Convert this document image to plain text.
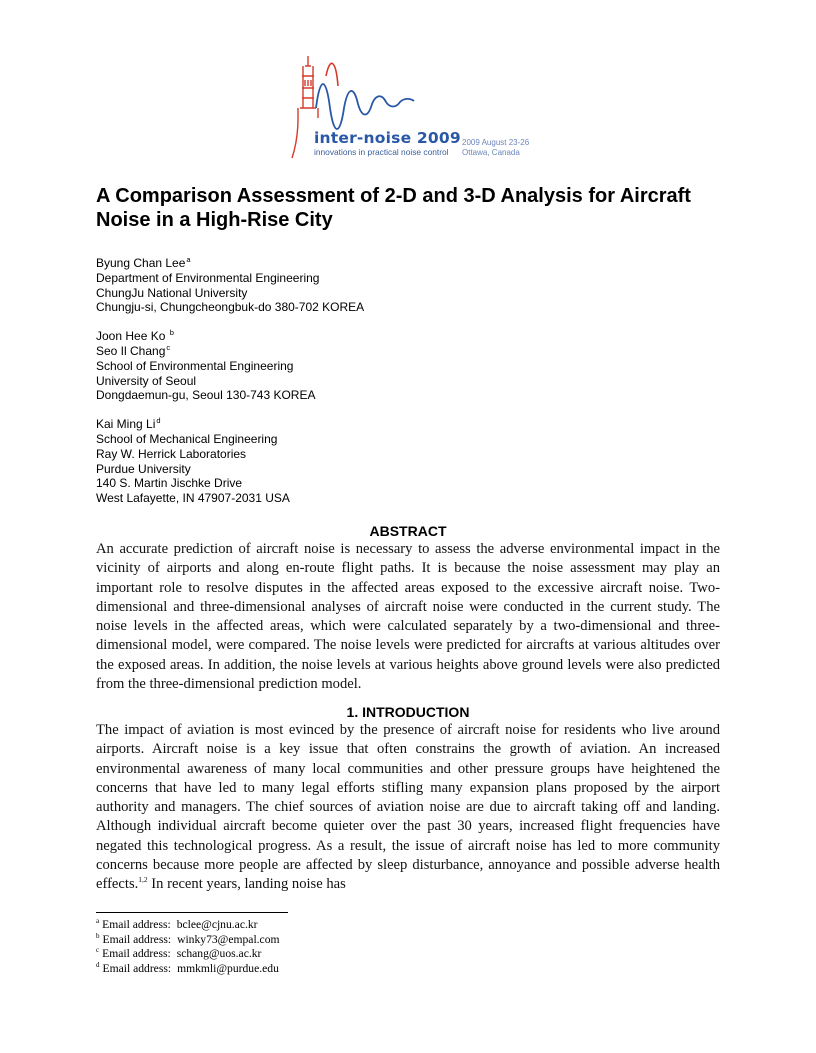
inter-noise 2009
innovations in practical noise control
2009 August 23-26
Ottawa, Canada
A Comparison Assessment of 2-D and 3-D Analysis for Aircraft Noise in a High-Rise City
Byung Chan Lee$^a$
Department of Environmental Engineering
ChungJu National University
Chungju-si, Chungcheongbuk-do 380-702 KOREA
Joon Hee Ko $^b$
Seo Il Chang$^c$
School of Environmental Engineering
University of Seoul
Dongdaemun-gu, Seoul 130-743 KOREA
Kai Ming Li$^d$
School of Mechanical Engineering
Ray W. Herrick Laboratories
Purdue University
140 S. Martin Jischke Drive
West Lafayette, IN 47907-2031 USA
ABSTRACT

An accurate prediction of aircraft noise is necessary to assess the adverse environmental impact in the vicinity of airports and along en-route flight paths. It is because the noise assessment may play an important role to resolve disputes in the affected areas exposed to the excessive aircraft noise. Two-dimensional and three-dimensional analyses of aircraft noise were conducted in the current study. The noise levels in the affected areas, which were calculated separately by a two-dimensional and three-dimensional model, were compared. The noise levels were predicted for aircrafts at various altitudes over the exposed areas. In addition, the noise levels at various heights above ground levels were also predicted from the three-dimensional prediction model.

1. INTRODUCTION

The impact of aviation is most evinced by the presence of aircraft noise for residents who live around airports. Aircraft noise is a key issue that often constrains the growth of aviation. An increased environmental awareness of many local communities and other pressure groups have heightened the concerns that have led to many legal efforts stifling many expansion plans proposed by the airport authority and managers. The chief sources of aviation noise are due to aircraft taking off and landing. Although individual aircraft become quieter over the past 30 years, increased flight frequencies have negated this technological progress. As a result, the issue of aircraft noise has led to more community concerns because more people are affected by sleep disturbance, annoyance and possible adverse health effects.$^{1,2}$ In recent years, landing noise has

$^a$ Email address: bclee@cjnu.ac.kr
$^b$ Email address: winky73@empal.com
$^c$ Email address: schang@uos.ac.kr
$^d$ Email address: mmkmli@purdue.edu
